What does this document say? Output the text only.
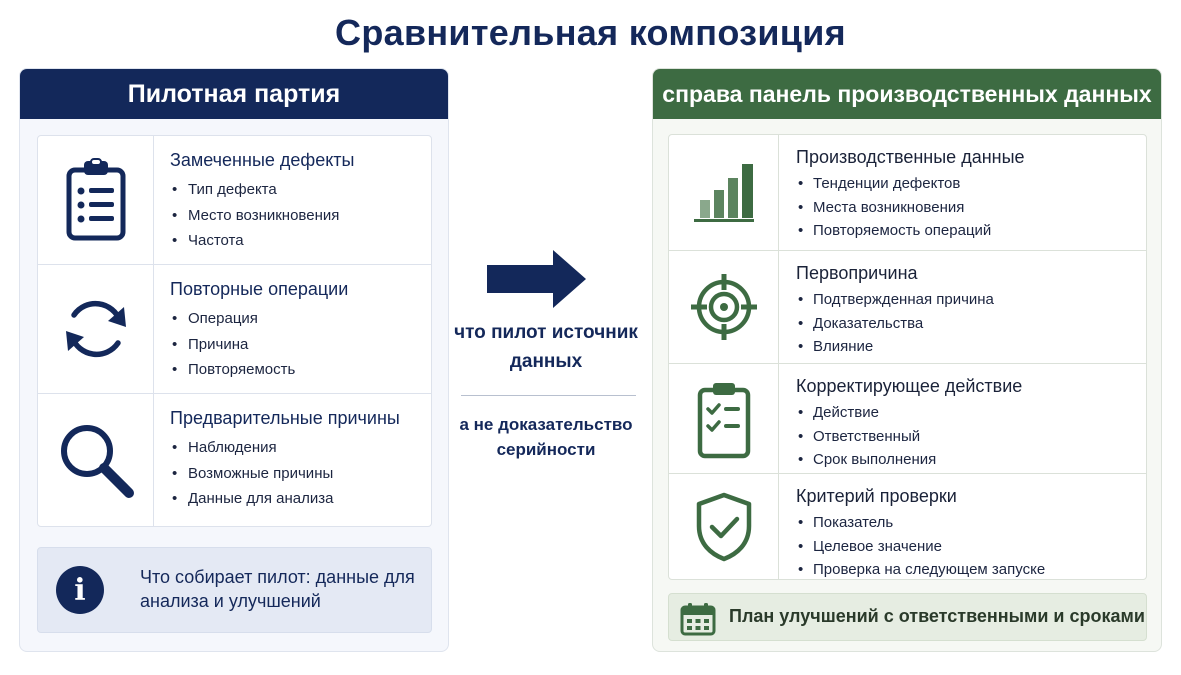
Сравнительная композиция
Пилотная партия
Замеченные дефекты
• Тип дефекта
• Место возникновения
• Частота
Повторные операции
• Операция
• Причина
• Повторяемость
Предварительные причины
• Наблюдения
• Возможные причины
• Данные для анализа
i	Что собирает пилот: данные для анализа и улучшений
что пилот источник данных
а не доказательство серийности
справа панель производственных данных
Производственные данные
• Тенденции дефектов
• Места возникновения
• Повторяемость операций
Первопричина
• Подтвержденная причина
• Доказательства
• Влияние
Корректирующее действие
• Действие
• Ответственный
• Срок выполнения
Критерий проверки
• Показатель
• Целевое значение
• Проверка на следующем запуске
План улучшений с ответственными и сроками
